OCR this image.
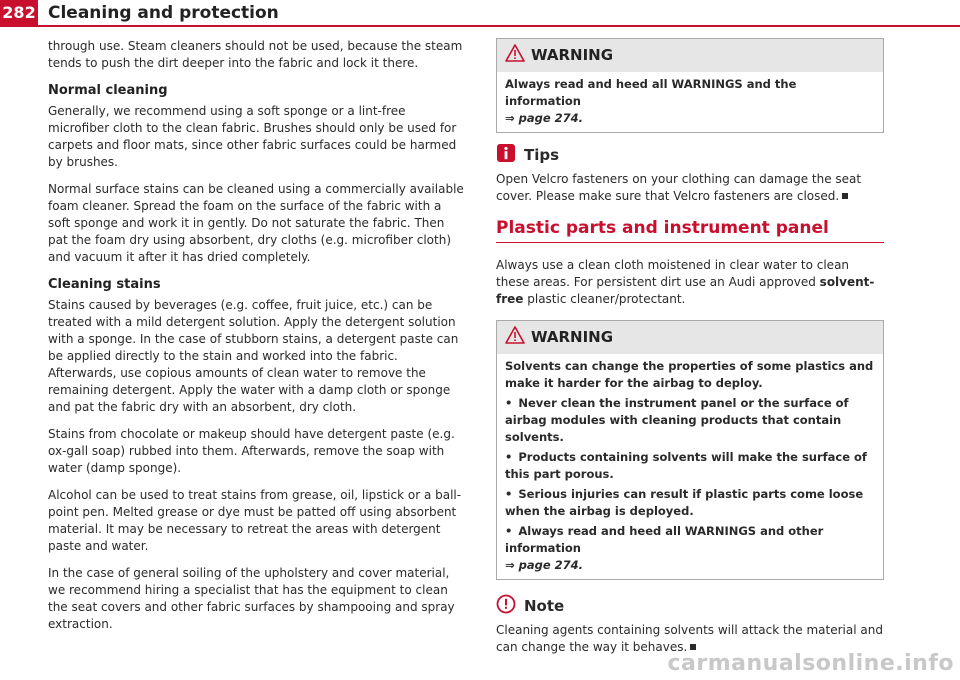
282 Cleaning and protection

through use. Steam cleaners should not be used, because the steam tends to push the dirt deeper into the fabric and lock it there.

Normal cleaning

Generally, we recommend using a soft sponge or a lint-free microfiber cloth to the clean fabric. Brushes should only be used for carpets and floor mats, since other fabric surfaces could be harmed by brushes.

Normal surface stains can be cleaned using a commercially available foam cleaner. Spread the foam on the surface of the fabric with a soft sponge and work it in gently. Do not saturate the fabric. Then pat the foam dry using absorbent, dry cloths (e.g. microfiber cloth) and vacuum it after it has dried completely.

Cleaning stains

Stains caused by beverages (e.g. coffee, fruit juice, etc.) can be treated with a mild detergent solution. Apply the detergent solution with a sponge. In the case of stubborn stains, a detergent paste can be applied directly to the stain and worked into the fabric. Afterwards, use copious amounts of clean water to remove the remaining detergent. Apply the water with a damp cloth or sponge and pat the fabric dry with an absorbent, dry cloth.

Stains from chocolate or makeup should have detergent paste (e.g. ox-gall soap) rubbed into them. Afterwards, remove the soap with water (damp sponge).

Alcohol can be used to treat stains from grease, oil, lipstick or a ball-point pen. Melted grease or dye must be patted off using absorbent material. It may be necessary to retreat the areas with detergent paste and water.

In the case of general soiling of the upholstery and cover material, we recommend hiring a specialist that has the equipment to clean the seat covers and other fabric surfaces by shampooing and spray extraction.

WARNING
Always read and heed all WARNINGS and the information
⇒ page 274.
Tips

Open Velcro fasteners on your clothing can damage the seat cover. Please make sure that Velcro fasteners are closed.

Plastic parts and instrument panel

Always use a clean cloth moistened in clear water to clean these areas. For persistent dirt use an Audi approved solvent-free plastic cleaner/protectant.

WARNING
Solvents can change the properties of some plastics and make it harder for the airbag to deploy.
• Never clean the instrument panel or the surface of airbag modules with cleaning products that contain solvents.
• Products containing solvents will make the surface of this part porous.
• Serious injuries can result if plastic parts come loose when the airbag is deployed.
• Always read and heed all WARNINGS and other information
⇒ page 274.
Note

Cleaning agents containing solvents will attack the material and can change the way it behaves.

carmanualsonline.info
